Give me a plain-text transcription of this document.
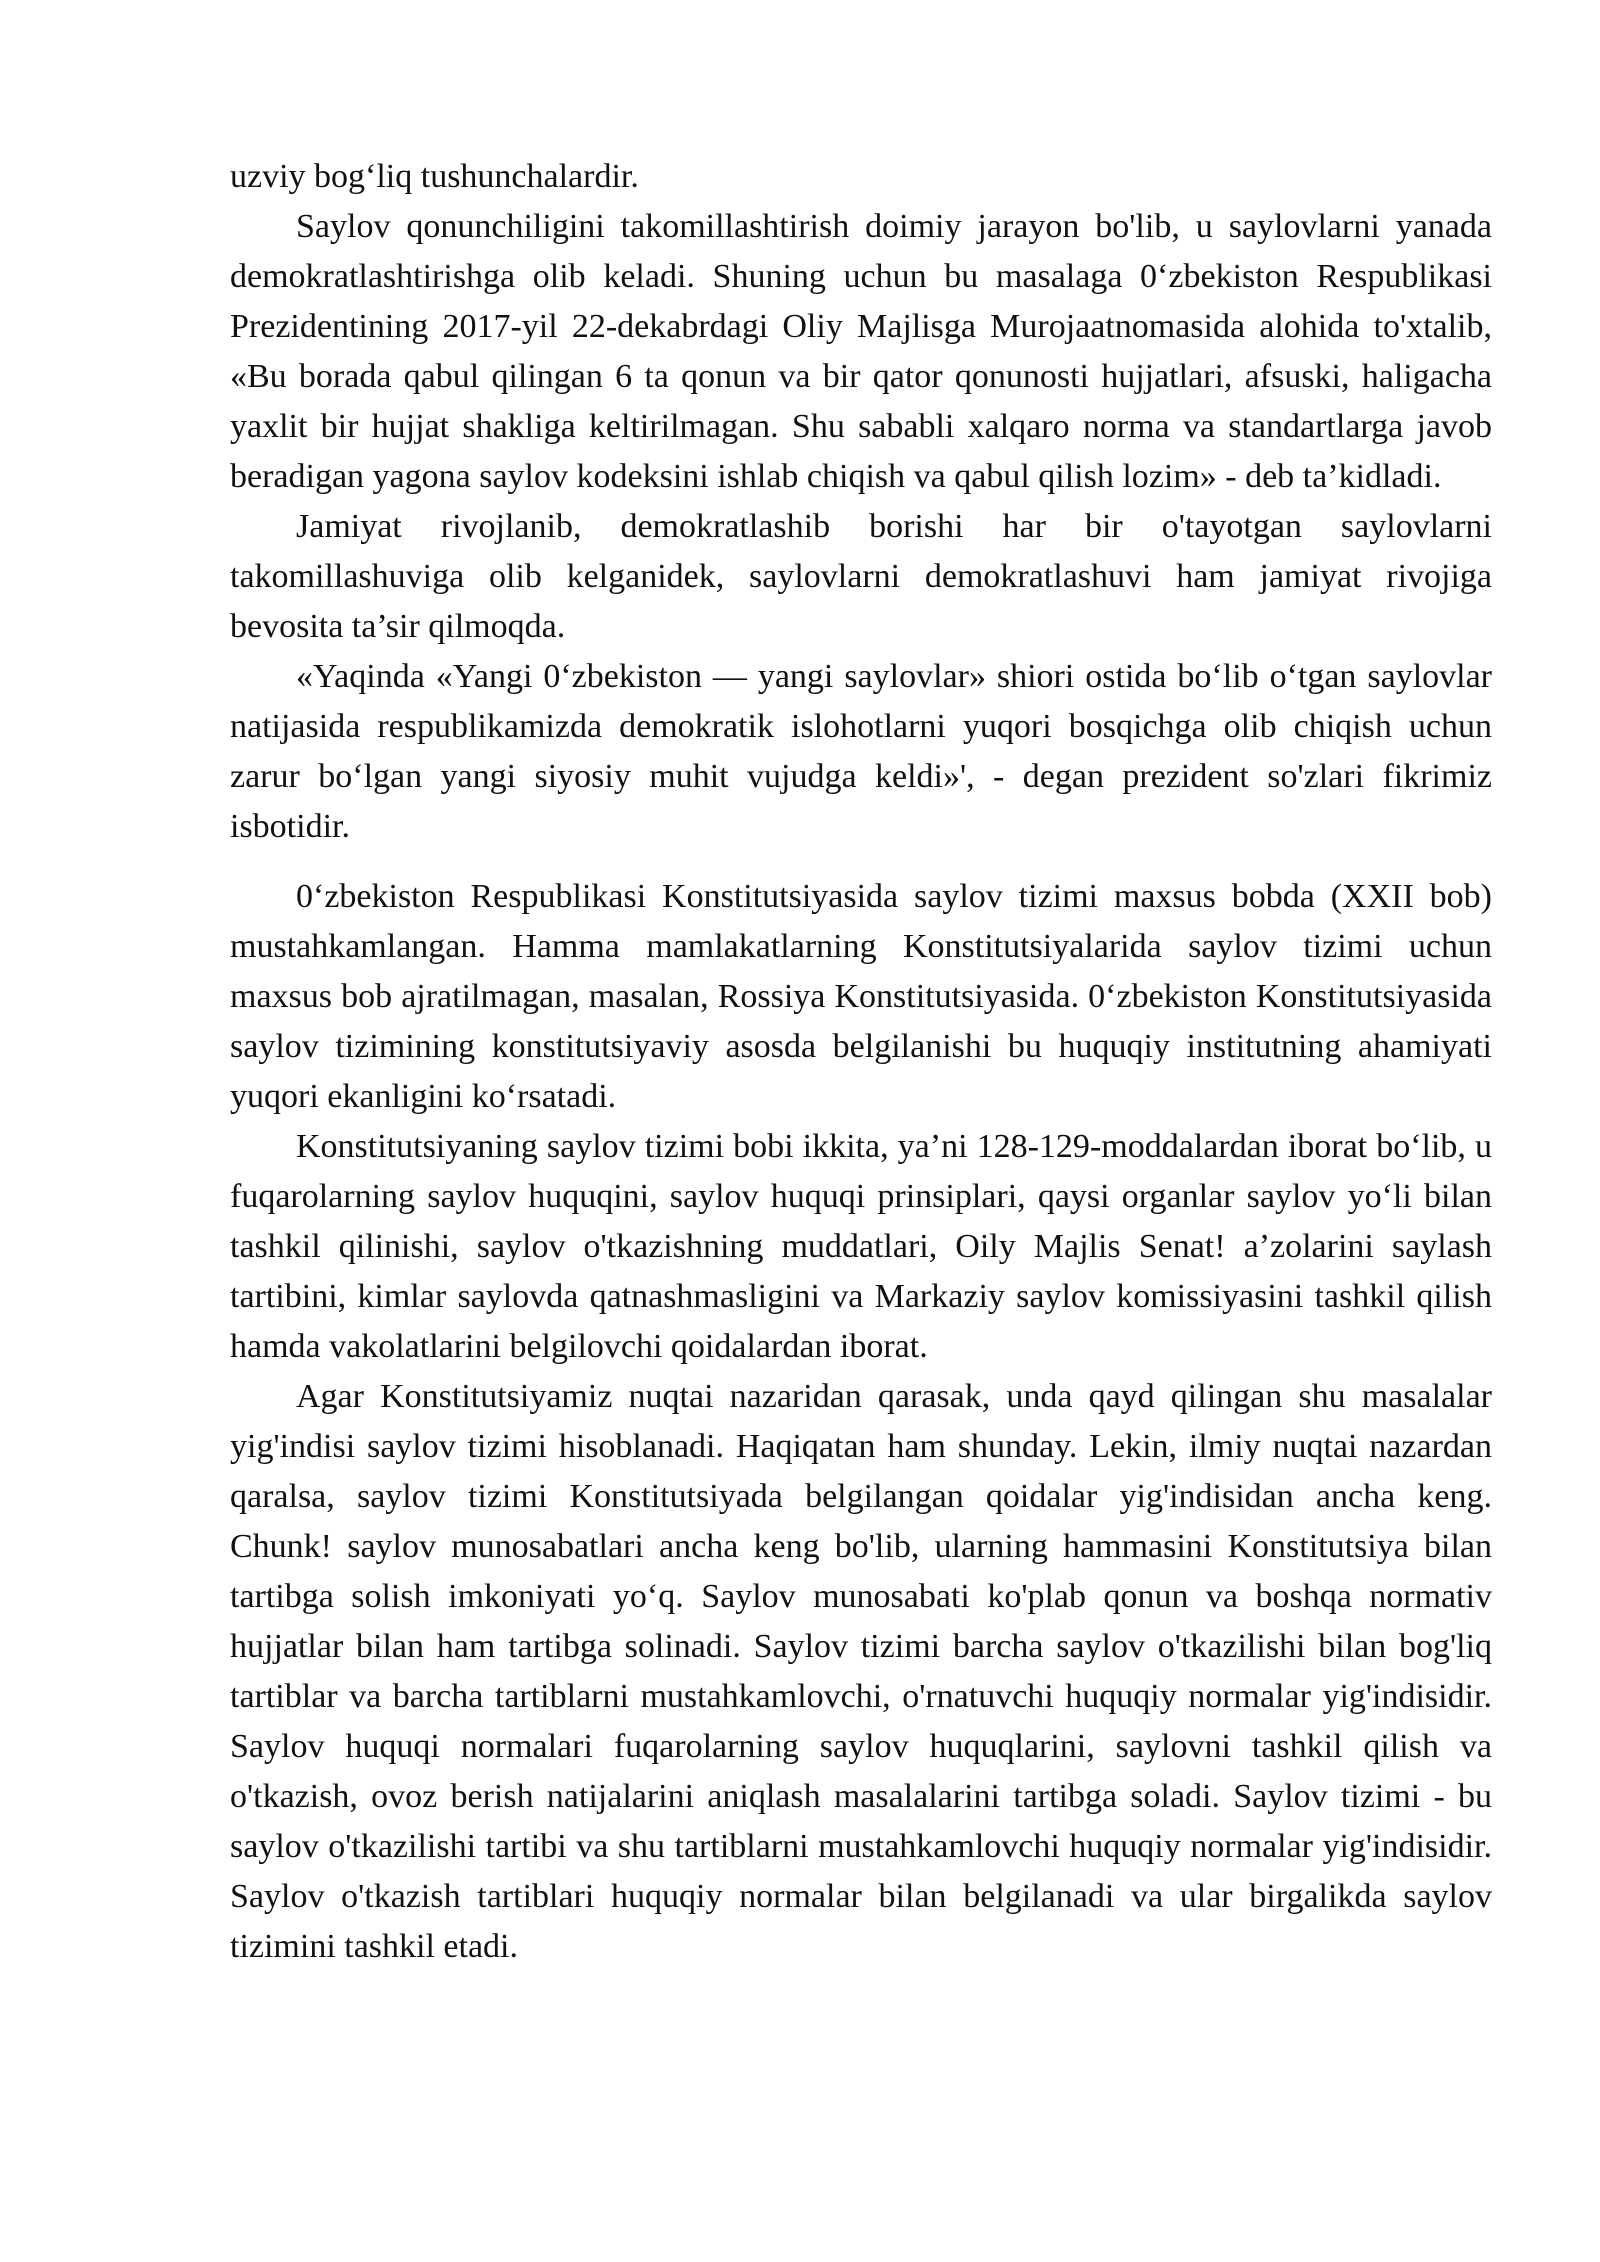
uzviy bog‘liq tushunchalardir.

Saylov qonunchiligini takomillashtirish doimiy jarayon bo'lib, u saylovlarni yanada demokratlashtirishga olib keladi. Shuning uchun bu masalaga 0‘zbekiston Respublikasi Prezidentining 2017-yil 22-dekabrdagi Oliy Majlisga Murojaatnomasida alohida to'xtalib, «Bu borada qabul qilingan 6 ta qonun va bir qator qonunosti hujjatlari, afsuski, haligacha yaxlit bir hujjat shakliga keltirilmagan. Shu sababli xalqaro norma va standartlarga javob beradigan yagona saylov kodeksini ishlab chiqish va qabul qilish lozim» - deb ta’kidladi.

Jamiyat rivojlanib, demokratlashib borishi har bir o'tayotgan saylovlarni takomillashuviga olib kelganidek, saylovlarni demokratlashuvi ham jamiyat rivojiga bevosita ta’sir qilmoqda.

«Yaqinda «Yangi 0‘zbekiston — yangi saylovlar» shiori ostida bo‘lib o‘tgan saylovlar natijasida respublikamizda demokratik islohotlarni yuqori bosqichga olib chiqish uchun zarur bo‘lgan yangi siyosiy muhit vujudga keldi»', - degan prezident so'zlari fikrimiz isbotidir.

0‘zbekiston Respublikasi Konstitutsiyasida saylov tizimi maxsus bobda (XXII bob) mustahkamlangan. Hamma mamlakatlarning Konstitutsiyalarida saylov tizimi uchun maxsus bob ajratilmagan, masalan, Rossiya Konstitutsiyasida. 0‘zbekiston Konstitutsiyasida saylov tizimining konstitutsiyaviy asosda belgilanishi bu huquqiy institutning ahamiyati yuqori ekanligini ko‘rsatadi.

Konstitutsiyaning saylov tizimi bobi ikkita, ya’ni 128-129-moddalardan iborat bo‘lib, u fuqarolarning saylov huquqini, saylov huquqi prinsiplari, qaysi organlar saylov yo‘li bilan tashkil qilinishi, saylov o'tkazishning muddatlari, Oily Majlis Senat! a’zolarini saylash tartibini, kimlar saylovda qatnashmasligini va Markaziy saylov komissiyasini tashkil qilish hamda vakolatlarini belgilovchi qoidalardan iborat.

Agar Konstitutsiyamiz nuqtai nazaridan qarasak, unda qayd qilingan shu masalalar yig'indisi saylov tizimi hisoblanadi. Haqiqatan ham shunday. Lekin, ilmiy nuqtai nazardan qaralsa, saylov tizimi Konstitutsiyada belgilangan qoidalar yig'indisidan ancha keng. Chunk! saylov munosabatlari ancha keng bo'lib, ularning hammasini Konstitutsiya bilan tartibga solish imkoniyati yo‘q. Saylov munosabati ko'plab qonun va boshqa normativ hujjatlar bilan ham tartibga solinadi. Saylov tizimi barcha saylov o'tkazilishi bilan bog'liq tartiblar va barcha tartiblarni mustahkamlovchi, o'rnatuvchi huquqiy normalar yig'indisidir. Saylov huquqi normalari fuqarolarning saylov huquqlarini, saylovni tashkil qilish va o'tkazish, ovoz berish natijalarini aniqlash masalalarini tartibga soladi. Saylov tizimi - bu saylov o'tkazilishi tartibi va shu tartiblarni mustahkamlovchi huquqiy normalar yig'indisidir. Saylov o'tkazish tartiblari huquqiy normalar bilan belgilanadi va ular birgalikda saylov tizimini tashkil etadi.
